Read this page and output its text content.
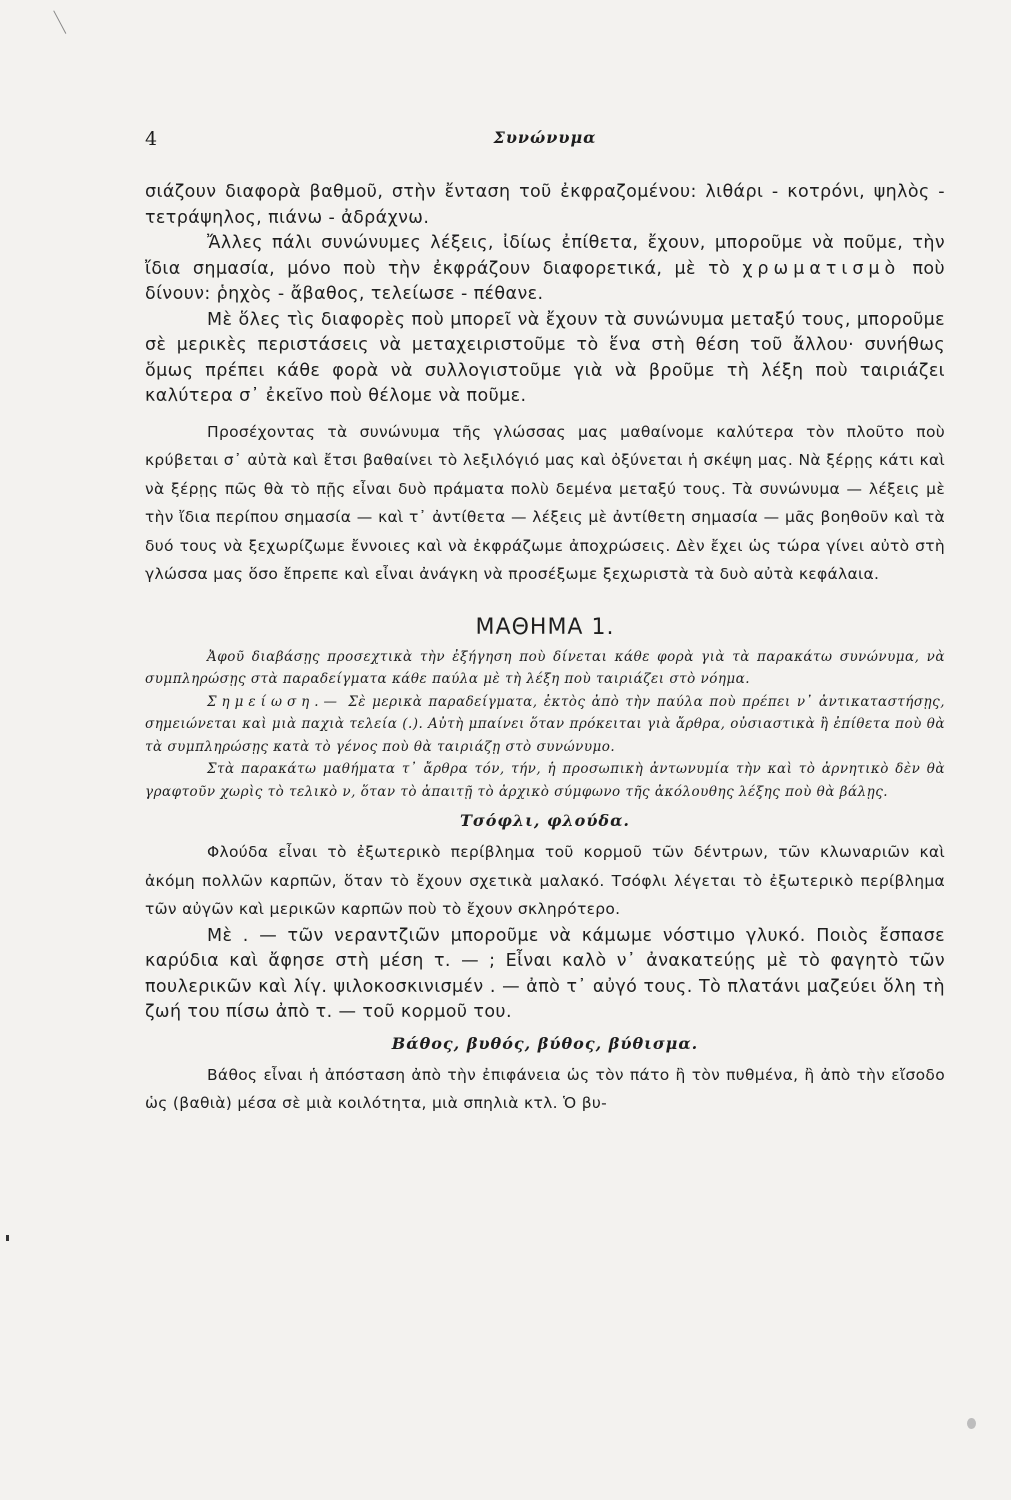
4	Συνώνυμα

σιάζουν διαφορὰ βαθμοῦ, στὴν ἔνταση τοῦ ἐκφραζομένου: λιθάρι - κοτρόνι, ψηλὸς - τετράψηλος, πιάνω - ἀδράχνω.

Ἄλλες πάλι συνώνυμες λέξεις, ἰδίως ἐπίθετα, ἔχουν, μποροῦμε νὰ ποῦμε, τὴν ἴδια σημασία, μόνο ποὺ τὴν ἐκφράζουν διαφορετικά, μὲ τὸ χρωματισμὸ ποὺ δίνουν: ῥηχὸς - ἄβαθος, τελείωσε - πέθανε.

Μὲ ὅλες τὶς διαφορὲς ποὺ μπορεῖ νὰ ἔχουν τὰ συνώνυμα μεταξύ τους, μποροῦμε σὲ μερικὲς περιστάσεις νὰ μεταχειριστοῦμε τὸ ἕνα στὴ θέση τοῦ ἄλλου· συνήθως ὅμως πρέπει κάθε φορὰ νὰ συλλογιστοῦμε γιὰ νὰ βροῦμε τὴ λέξη ποὺ ταιριάζει καλύτερα σ᾽ ἐκεῖνο ποὺ θέλομε νὰ ποῦμε.

Προσέχοντας τὰ συνώνυμα τῆς γλώσσας μας μαθαίνομε καλύτερα τὸν πλοῦτο ποὺ κρύβεται σ᾽ αὐτὰ καὶ ἔτσι βαθαίνει τὸ λεξιλόγιό μας καὶ ὀξύνεται ἡ σκέψη μας. Νὰ ξέρῃς κάτι καὶ νὰ ξέρῃς πῶς θὰ τὸ πῇς εἶναι δυὸ πράματα πολὺ δεμένα μεταξύ τους. Τὰ συνώνυμα — λέξεις μὲ τὴν ἴδια περίπου σημασία — καὶ τ᾽ ἀντίθετα — λέξεις μὲ ἀντίθετη σημασία — μᾶς βοηθοῦν καὶ τὰ δυό τους νὰ ξεχωρίζωμε ἔννοιες καὶ νὰ ἐκφράζωμε ἀποχρώσεις. Δὲν ἔχει ὡς τώρα γίνει αὐτὸ στὴ γλώσσα μας ὅσο ἔπρεπε καὶ εἶναι ἀνάγκη νὰ προσέξωμε ξεχωριστὰ τὰ δυὸ αὐτὰ κεφάλαια.

ΜΑΘΗΜΑ 1.

Ἀφοῦ διαβάσῃς προσεχτικὰ τὴν ἐξήγηση ποὺ δίνεται κάθε φορὰ γιὰ τὰ παρακάτω συνώνυμα, νὰ συμπληρώσῃς στὰ παραδείγματα κάθε παύλα μὲ τὴ λέξη ποὺ ταιριάζει στὸ νόημα.

Σημείωση.— Σὲ μερικὰ παραδείγματα, ἐκτὸς ἀπὸ τὴν παύλα ποὺ πρέπει ν᾽ ἀντικαταστήσῃς, σημειώνεται καὶ μιὰ παχιὰ τελεία (.). Αὐτὴ μπαίνει ὅταν πρόκειται γιὰ ἄρθρα, οὐσιαστικὰ ἢ ἐπίθετα ποὺ θὰ τὰ συμπληρώσῃς κατὰ τὸ γένος ποὺ θὰ ταιριάζῃ στὸ συνώνυμο.

Στὰ παρακάτω μαθήματα τ᾽ ἄρθρα τόν, τήν, ἡ προσωπικὴ ἀντωνυμία τὴν καὶ τὸ ἀρνητικὸ δὲν θὰ γραφτοῦν χωρὶς τὸ τελικὸ ν, ὅταν τὸ ἀπαιτῇ τὸ ἀρχικὸ σύμφωνο τῆς ἀκόλουθης λέξης ποὺ θὰ βάλῃς.

Τσόφλι, φλούδα.

Φλούδα εἶναι τὸ ἐξωτερικὸ περίβλημα τοῦ κορμοῦ τῶν δέντρων, τῶν κλωναριῶν καὶ ἀκόμη πολλῶν καρπῶν, ὅταν τὸ ἔχουν σχετικὰ μαλακό. Τσόφλι λέγεται τὸ ἐξωτερικὸ περίβλημα τῶν αὐγῶν καὶ μερικῶν καρπῶν ποὺ τὸ ἔχουν σκληρότερο.

Μὲ . — τῶν νεραντζιῶν μποροῦμε νὰ κάμωμε νόστιμο γλυκό. Ποιὸς ἔσπασε καρύδια καὶ ἄφησε στὴ μέση τ. — ; Εἶναι καλὸ ν᾽ ἀνακατεύῃς μὲ τὸ φαγητὸ τῶν πουλερικῶν καὶ λίγ. ψιλοκοσκινισμέν . — ἀπὸ τ᾽ αὐγό τους. Τὸ πλατάνι μαζεύει ὅλη τὴ ζωή του πίσω ἀπὸ τ. — τοῦ κορμοῦ του.

Βάθος, βυθός, βύθος, βύθισμα.

Βάθος εἶναι ἡ ἀπόσταση ἀπὸ τὴν ἐπιφάνεια ὡς τὸν πάτο ἢ τὸν πυθμένα, ἢ ἀπὸ τὴν εἴσοδο ὡς (βαθιὰ) μέσα σὲ μιὰ κοιλότητα, μιὰ σπηλιὰ κτλ. Ὁ βυ-
